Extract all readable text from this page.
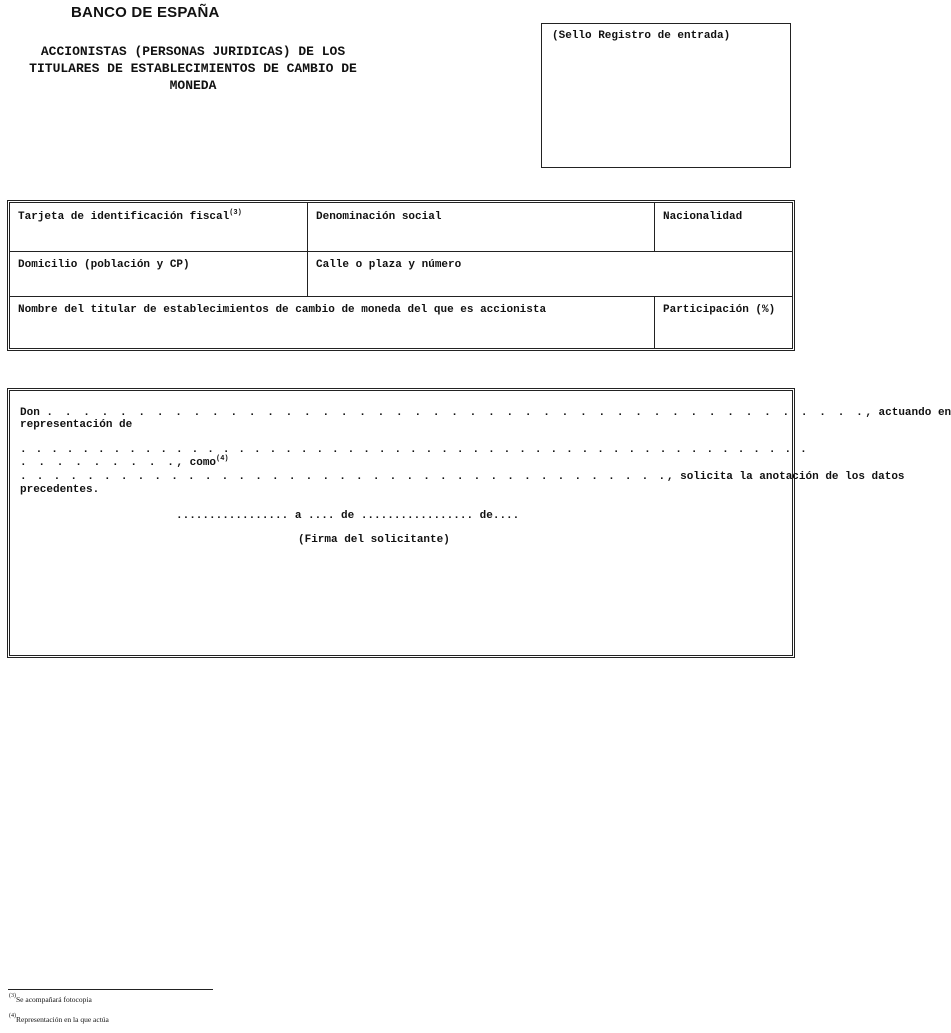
BANCO DE ESPAÑA
ACCIONISTAS (PERSONAS JURIDICAS) DE LOS
TITULARES DE ESTABLECIMIENTOS DE CAMBIO DE
MONEDA
(Sello Registro de entrada)
Tarjeta de identificación fiscal$^{(3)}$	Denominación social	Nacionalidad
Domicilio (población y CP)	Calle o plaza y número
Nombre del titular de establecimientos de cambio de moneda del que es accionista	Participación (%)
Don . . . . . . . . . . . . . . . . . . . . . . . . . . . . . . . . . . . . . . . . . . . . ., actuando en
representación de
. . . . . . . . . . . . . . . . . . . . . . . . . . . . . . . . . . . . . . . . . . . . . . . . . . .
. . . . . . . . ., como$^{(4)}$
. . . . . . . . . . . . . . . . . . . . . . . . . . . . . . . . . . . . . . ., solicita la anotación de los datos
precedentes.
................. a .... de ................. de....
(Firma del solicitante)
$^{(3)}$Se acompañará fotocopia
$^{(4)}$Representación en la que actúa
